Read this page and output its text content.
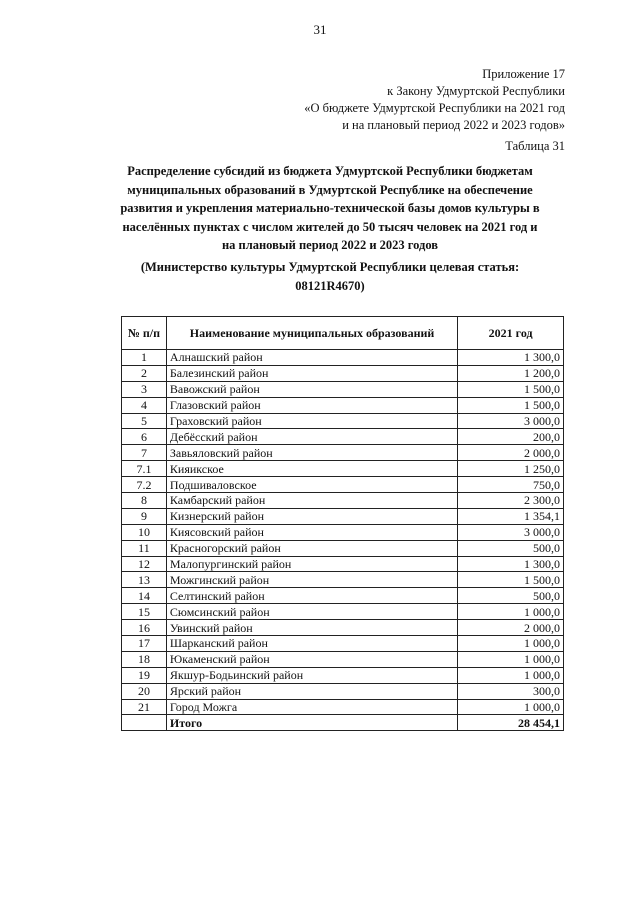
31
Приложение 17
к Закону Удмуртской Республики
«О бюджете Удмуртской Республики на 2021 год
и на плановый период 2022 и 2023 годов»
Таблица 31
Распределение субсидий из бюджета Удмуртской Республики бюджетам
муниципальных образований в Удмуртской Республике на обеспечение
развития и укрепления материально-технической базы домов культуры в
населённых пунктах с числом жителей до 50 тысяч человек на 2021 год и
на плановый период 2022 и 2023 годов
(Министерство культуры Удмуртской Республики целевая статья:
08121R4670)
№ п/п	Наименование муниципальных образований	2021 год
1	Алнашский район	1 300,0
2	Балезинский район	1 200,0
3	Вавожский район	1 500,0
4	Глазовский район	1 500,0
5	Граховский район	3 000,0
6	Дебёсский район	200,0
7	Завьяловский район	2 000,0
7.1	Кияикское	1 250,0
7.2	Подшиваловское	750,0
8	Камбарский район	2 300,0
9	Кизнерский район	1 354,1
10	Киясовский район	3 000,0
11	Красногорский район	500,0
12	Малопургинский район	1 300,0
13	Можгинский район	1 500,0
14	Селтинский район	500,0
15	Сюмсинский район	1 000,0
16	Увинский район	2 000,0
17	Шарканский район	1 000,0
18	Юкаменский район	1 000,0
19	Якшур-Бодьинский район	1 000,0
20	Ярский район	300,0
21	Город Можга	1 000,0
	Итого	28 454,1
